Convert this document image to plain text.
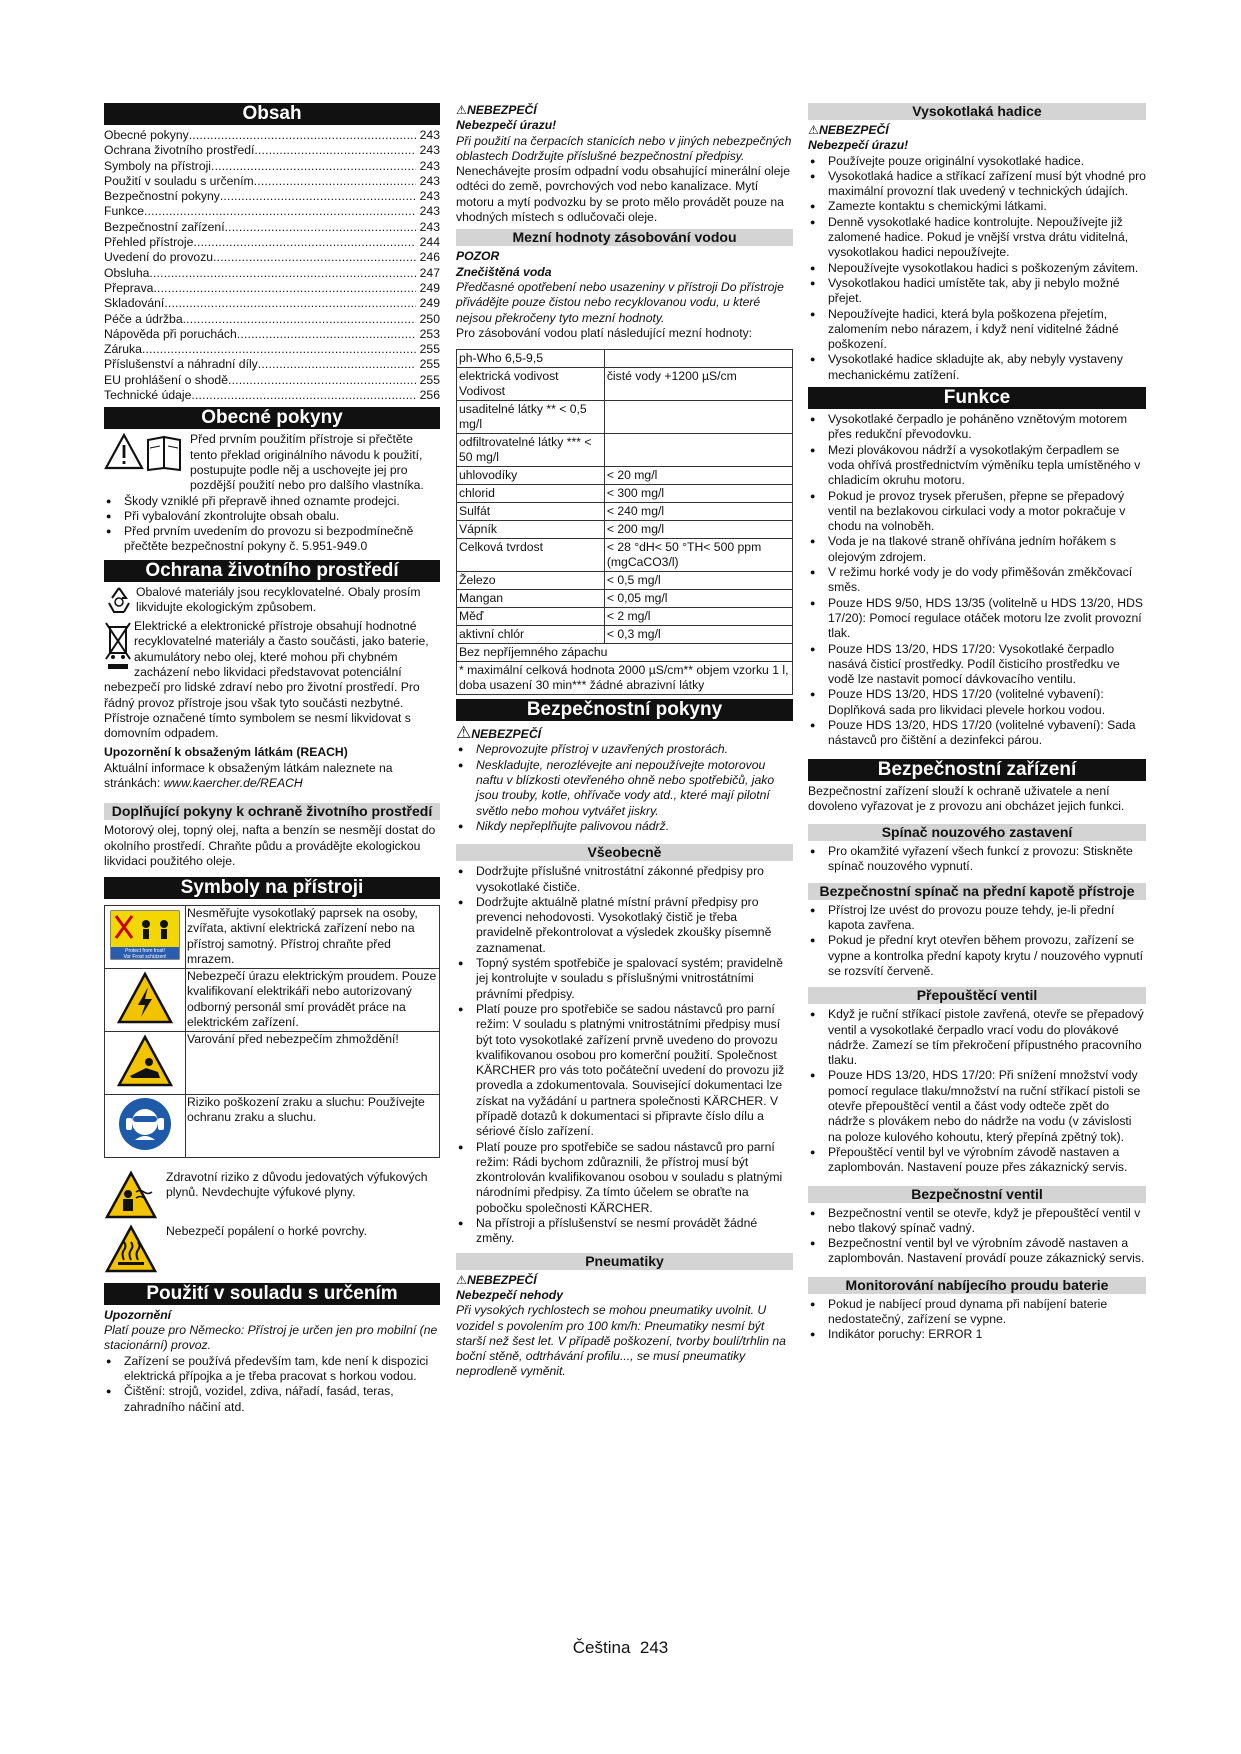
Obsah
Obecné pokyny . . .	243
Ochrana životního prostředí . . .	243
Symboly na přístroji . . .	243
Použití v souladu s určením . . .	243
Bezpečnostní pokyny . . .	243
Funkce . . .	243
Bezpečnostní zařízení . . .	243
Přehled přístroje . . .	244
Uvedení do provozu . . .	246
Obsluha . . .	247
Přeprava . . .	249
Skladování . . .	249
Péče a údržba . . .	250
Nápověda při poruchách . . .	253
Záruka . . .	255
Příslušenství a náhradní díly . . .	255
EU prohlášení o shodě . . .	255
Technické údaje . . .	256
Obecné pokyny

Před prvním použitím přístroje si přečtěte tento překlad originálního návodu k použití, postupujte podle něj a uschovejte jej pro pozdější použití nebo pro dalšího vlastníka.

● Škody vzniklé při přepravě ihned oznamte prodejci.
● Při vybalování zkontrolujte obsah obalu.
● Před prvním uvedením do provozu si bezpodmínečně přečtěte bezpečnostní pokyny č. 5.951-949.0
Ochrana životního prostředí

Obalové materiály jsou recyklovatelné. Obaly prosím likvidujte ekologickým způsobem.

Elektrické a elektronické přístroje obsahují hodnotné recyklovatelné materiály a často součásti, jako baterie, akumulátory nebo olej, které mohou při chybném zacházení nebo likvidaci představovat potenciální nebezpečí pro lidské zdraví nebo pro životní prostředí. Pro řádný provoz přístroje jsou však tyto součásti nezbytné. Přístroje označené tímto symbolem se nesmí likvidovat s domovním odpadem.

Upozornění k obsaženým látkám (REACH)

Aktuální informace k obsaženým látkám naleznete na stránkách: www.kaercher.de/REACH

Doplňující pokyny k ochraně životního prostředí

Motorový olej, topný olej, nafta a benzín se nesmějí dostat do okolního prostředí. Chraňte půdu a provádějte ekologickou likvidaci použitého oleje.

Symboly na přístroji
Protect from frost!
Vor Frost schützen!	Nesměřujte vysokotlaký paprsek na osoby, zvířata, aktivní elektrická zařízení nebo na přístroj samotný. Přístroj chraňte před mrazem.
	Nebezpečí úrazu elektrickým proudem. Pouze kvalifikovaní elektrikáři nebo autorizovaný odborný personál smí provádět práce na elektrickém zařízení.
	Varování před nebezpečím zhmoždění!
	Riziko poškození zraku a sluchu: Používejte ochranu zraku a sluchu.

Zdravotní riziko z důvodu jedovatých výfukových plynů. Nevdechujte výfukové plyny.

Nebezpečí popálení o horké povrchy.

Použití v souladu s určením

Upozornění

Platí pouze pro Německo: Přístroj je určen jen pro mobilní (ne stacionární) provoz.

● Zařízení se používá především tam, kde není k dispozici elektrická přípojka a je třeba pracovat s horkou vodou.
● Čištění: strojů, vozidel, zdiva, nářadí, fasád, teras, zahradního náčiní atd.

⚠NEBEZPEČÍ

Nebezpečí úrazu!

Při použití na čerpacích stanicích nebo v jiných nebezpečných oblastech Dodržujte příslušné bezpečnostní předpisy.

Nenechávejte prosím odpadní vodu obsahující minerální oleje odtéci do země, povrchových vod nebo kanalizace. Mytí motoru a mytí podvozku by se proto mělo provádět pouze na vhodných místech s odlučovači oleje.

Mezní hodnoty zásobování vodou

POZOR

Znečištěná voda

Předčasné opotřebení nebo usazeniny v přístroji Do přístroje přivádějte pouze čistou nebo recyklovanou vodu, u které nejsou překročeny tyto mezní hodnoty.

Pro zásobování vodou platí následující mezní hodnoty:

ph-Who 6,5-9,5	
elektrická vodivost Vodivost	čisté vody +1200 µS/cm
usaditelné látky ** < 0,5 mg/l	
odfiltrovatelné látky *** < 50 mg/l	
uhlovodíky	< 20 mg/l
chlorid	< 300 mg/l
Sulfát	< 240 mg/l
Vápník	< 200 mg/l
Celková tvrdost	< 28 °dH< 50 °TH< 500 ppm (mgCaCO3/l)
Železo	< 0,5 mg/l
Mangan	< 0,05 mg/l
Měď	< 2 mg/l
aktivní chlór	< 0,3 mg/l
Bez nepříjemného zápachu	
* maximální celková hodnota 2000 µS/cm** objem vzorku 1 l, doba usazení 30 min*** žádné abrazivní látky	
Bezpečnostní pokyny

⚠NEBEZPEČÍ

● Neprovozujte přístroj v uzavřených prostorách.
● Neskladujte, nerozlévejte ani nepoužívejte motorovou naftu v blízkosti otevřeného ohně nebo spotřebičů, jako jsou trouby, kotle, ohřívače vody atd., které mají pilotní světlo nebo mohou vytvářet jiskry.
● Nikdy nepřeplňujte palivovou nádrž.
Všeobecně
● Dodržujte příslušné vnitrostátní zákonné předpisy pro vysokotlaké čističe.
● Dodržujte aktuálně platné místní právní předpisy pro prevenci nehodovosti. Vysokotlaký čistič je třeba pravidelně překontrolovat a výsledek zkoušky písemně zaznamenat.
● Topný systém spotřebiče je spalovací systém; pravidelně jej kontrolujte v souladu s příslušnými vnitrostátními právními předpisy.
● Platí pouze pro spotřebiče se sadou nástavců pro parní režim: V souladu s platnými vnitrostátními předpisy musí být toto vysokotlaké zařízení prvně uvedeno do provozu kvalifikovanou osobou pro komerční použití. Společnost KÄRCHER pro vás toto počáteční uvedení do provozu již provedla a zdokumentovala. Související dokumentaci lze získat na vyžádání u partnera společnosti KÄRCHER. V případě dotazů k dokumentaci si připravte číslo dílu a sériové číslo zařízení.
● Platí pouze pro spotřebiče se sadou nástavců pro parní režim: Rádi bychom zdůraznili, že přístroj musí být zkontrolován kvalifikovanou osobou v souladu s platnými národními předpisy. Za tímto účelem se obraťte na pobočku společnosti KÄRCHER.
● Na přístroji a příslušenství se nesmí provádět žádné změny.
Pneumatiky

⚠NEBEZPEČÍ

Nebezpečí nehody

Při vysokých rychlostech se mohou pneumatiky uvolnit. U vozidel s povolením pro 100 km/h: Pneumatiky nesmí být starší než šest let. V případě poškození, tvorby boulí/trhlin na boční stěně, odtrhávání profilu..., se musí pneumatiky neprodleně vyměnit.

Vysokotlaká hadice

⚠NEBEZPEČÍ

Nebezpečí úrazu!

● Používejte pouze originální vysokotlaké hadice.
● Vysokotlaká hadice a stříkací zařízení musí být vhodné pro maximální provozní tlak uvedený v technických údajích.
● Zamezte kontaktu s chemickými látkami.
● Denně vysokotlaké hadice kontrolujte. Nepoužívejte již zalomené hadice. Pokud je vnější vrstva drátu viditelná, vysokotlakou hadici nepoužívejte.
● Nepoužívejte vysokotlakou hadici s poškozeným závitem.
● Vysokotlakou hadici umístěte tak, aby ji nebylo možné přejet.
● Nepoužívejte hadici, která byla poškozena přejetím, zalomením nebo nárazem, i když není viditelné žádné poškození.
● Vysokotlaké hadice skladujte ak, aby nebyly vystaveny mechanickému zatížení.
Funkce
● Vysokotlaké čerpadlo je poháněno vznětovým motorem přes redukční převodovku.
● Mezi plovákovou nádrží a vysokotlakým čerpadlem se voda ohřívá prostřednictvím výměníku tepla umístěného v chladicím okruhu motoru.
● Pokud je provoz trysek přerušen, přepne se přepadový ventil na bezlakovou cirkulaci vody a motor pokračuje v chodu na volnoběh.
● Voda je na tlakové straně ohřívána jedním hořákem s olejovým zdrojem.
● V režimu horké vody je do vody přiměšován změkčovací směs.
● Pouze HDS 9/50, HDS 13/35 (volitelně u HDS 13/20, HDS 17/20): Pomocí regulace otáček motoru lze zvolit provozní tlak.
● Pouze HDS 13/20, HDS 17/20: Vysokotlaké čerpadlo nasává čisticí prostředky. Podíl čisticího prostředku ve vodě lze nastavit pomocí dávkovacího ventilu.
● Pouze HDS 13/20, HDS 17/20 (volitelné vybavení): Doplňková sada pro likvidaci plevele horkou vodou.
● Pouze HDS 13/20, HDS 17/20 (volitelné vybavení): Sada nástavců pro čištění a dezinfekci párou.
Bezpečnostní zařízení

Bezpečnostní zařízení slouží k ochraně uživatele a není dovoleno vyřazovat je z provozu ani obcházet jejich funkci.

Spínač nouzového zastavení
● Pro okamžité vyřazení všech funkcí z provozu: Stiskněte spínač nouzového vypnutí.
Bezpečnostní spínač na přední kapotě přístroje
● Přístroj lze uvést do provozu pouze tehdy, je-li přední kapota zavřena.
● Pokud je přední kryt otevřen během provozu, zařízení se vypne a kontrolka přední kapoty krytu / nouzového vypnutí se rozsvítí červeně.
Přepouštěcí ventil
● Když je ruční stříkací pistole zavřená, otevře se přepadový ventil a vysokotlaké čerpadlo vrací vodu do plovákové nádrže. Zamezí se tím překročení přípustného pracovního tlaku.
● Pouze HDS 13/20, HDS 17/20: Při snížení množství vody pomocí regulace tlaku/množství na ruční stříkací pistoli se otevře přepouštěcí ventil a část vody odteče zpět do nádrže s plovákem nebo do nádrže na vodu (v závislosti na poloze kulového kohoutu, který přepíná zpětný tok).
● Přepouštěcí ventil byl ve výrobním závodě nastaven a zaplombován. Nastavení pouze přes zákaznický servis.
Bezpečnostní ventil
● Bezpečnostní ventil se otevře, když je přepouštěcí ventil v nebo tlakový spínač vadný.
● Bezpečnostní ventil byl ve výrobním závodě nastaven a zaplombován. Nastavení provádí pouze zákaznický servis.
Monitorování nabíjecího proudu baterie
● Pokud je nabíjecí proud dynama při nabíjení baterie nedostatečný, zařízení se vypne.
● Indikátor poruchy: ERROR 1
Čeština 243
